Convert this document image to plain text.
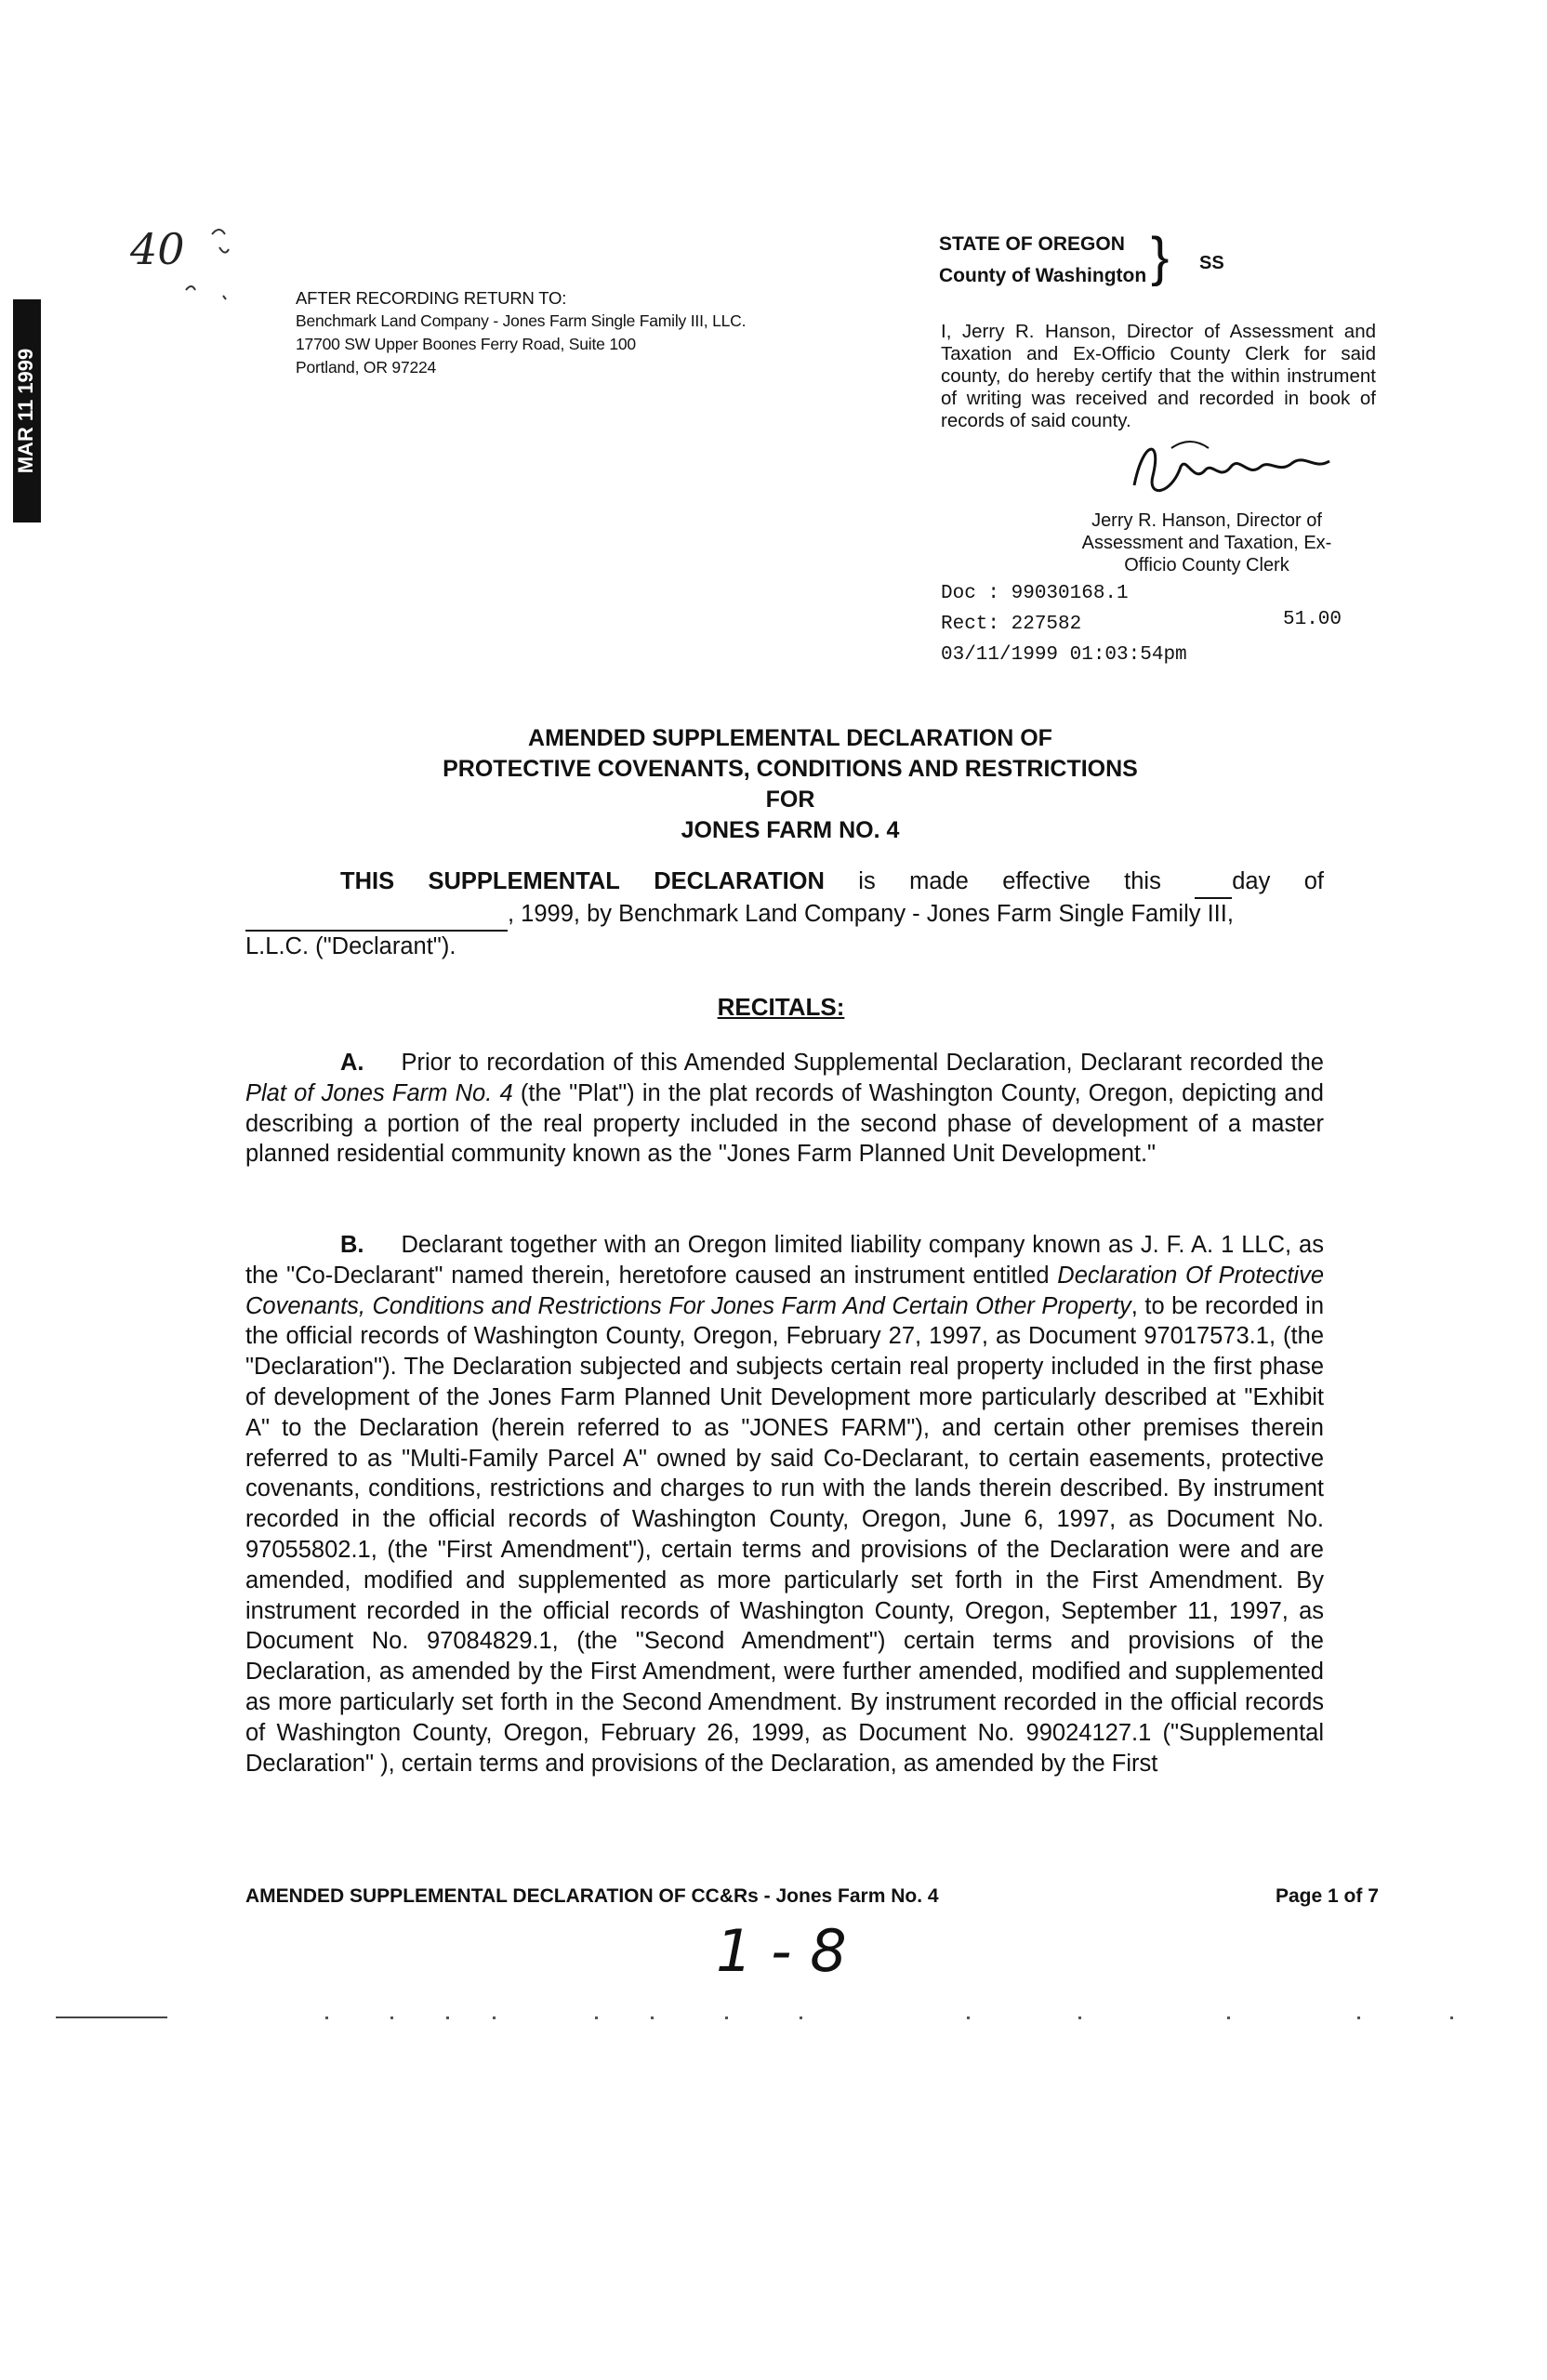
MAR 11 1999
40
AFTER RECORDING RETURN TO:
Benchmark Land Company - Jones Farm Single Family III, LLC.
17700 SW Upper Boones Ferry Road, Suite 100
Portland, OR 97224
STATE OF OREGON
County of Washington } SS
I, Jerry R. Hanson, Director of Assessment and Taxation and Ex-Officio County Clerk for said county, do hereby certify that the within instrument of writing was received and recorded in book of records of said county.
Jerry R. Hanson, Director of
Assessment and Taxation, Ex-
Officio County Clerk
Doc : 99030168.1
Rect: 227582
03/11/1999 01:03:54pm
51.00
AMENDED SUPPLEMENTAL DECLARATION OF
PROTECTIVE COVENANTS, CONDITIONS AND RESTRICTIONS
FOR
JONES FARM NO. 4
THIS SUPPLEMENTAL DECLARATION is made effective this	day of
, 1999, by Benchmark Land Company - Jones Farm Single Family III,
L.L.C. ("Declarant").
RECITALS:

A. Prior to recordation of this Amended Supplemental Declaration, Declarant recorded the Plat of Jones Farm No. 4 (the "Plat") in the plat records of Washington County, Oregon, depicting and describing a portion of the real property included in the second phase of development of a master planned residential community known as the "Jones Farm Planned Unit Development."

B. Declarant together with an Oregon limited liability company known as J. F. A. 1 LLC, as the "Co-Declarant" named therein, heretofore caused an instrument entitled Declaration Of Protective Covenants, Conditions and Restrictions For Jones Farm And Certain Other Property, to be recorded in the official records of Washington County, Oregon, February 27, 1997, as Document 97017573.1, (the "Declaration"). The Declaration subjected and subjects certain real property included in the first phase of development of the Jones Farm Planned Unit Development more particularly described at "Exhibit A" to the Declaration (herein referred to as "JONES FARM"), and certain other premises therein referred to as "Multi-Family Parcel A" owned by said Co-Declarant, to certain easements, protective covenants, conditions, restrictions and charges to run with the lands therein described. By instrument recorded in the official records of Washington County, Oregon, June 6, 1997, as Document No. 97055802.1, (the "First Amendment"), certain terms and provisions of the Declaration were and are amended, modified and supplemented as more particularly set forth in the First Amendment. By instrument recorded in the official records of Washington County, Oregon, September 11, 1997, as Document No. 97084829.1, (the "Second Amendment") certain terms and provisions of the Declaration, as amended by the First Amendment, were further amended, modified and supplemented as more particularly set forth in the Second Amendment. By instrument recorded in the official records of Washington County, Oregon, February 26, 1999, as Document No. 99024127.1 ("Supplemental Declaration" ), certain terms and provisions of the Declaration, as amended by the First

AMENDED SUPPLEMENTAL DECLARATION OF CC&Rs - Jones Farm No. 4	Page 1 of 7
1 - 8
